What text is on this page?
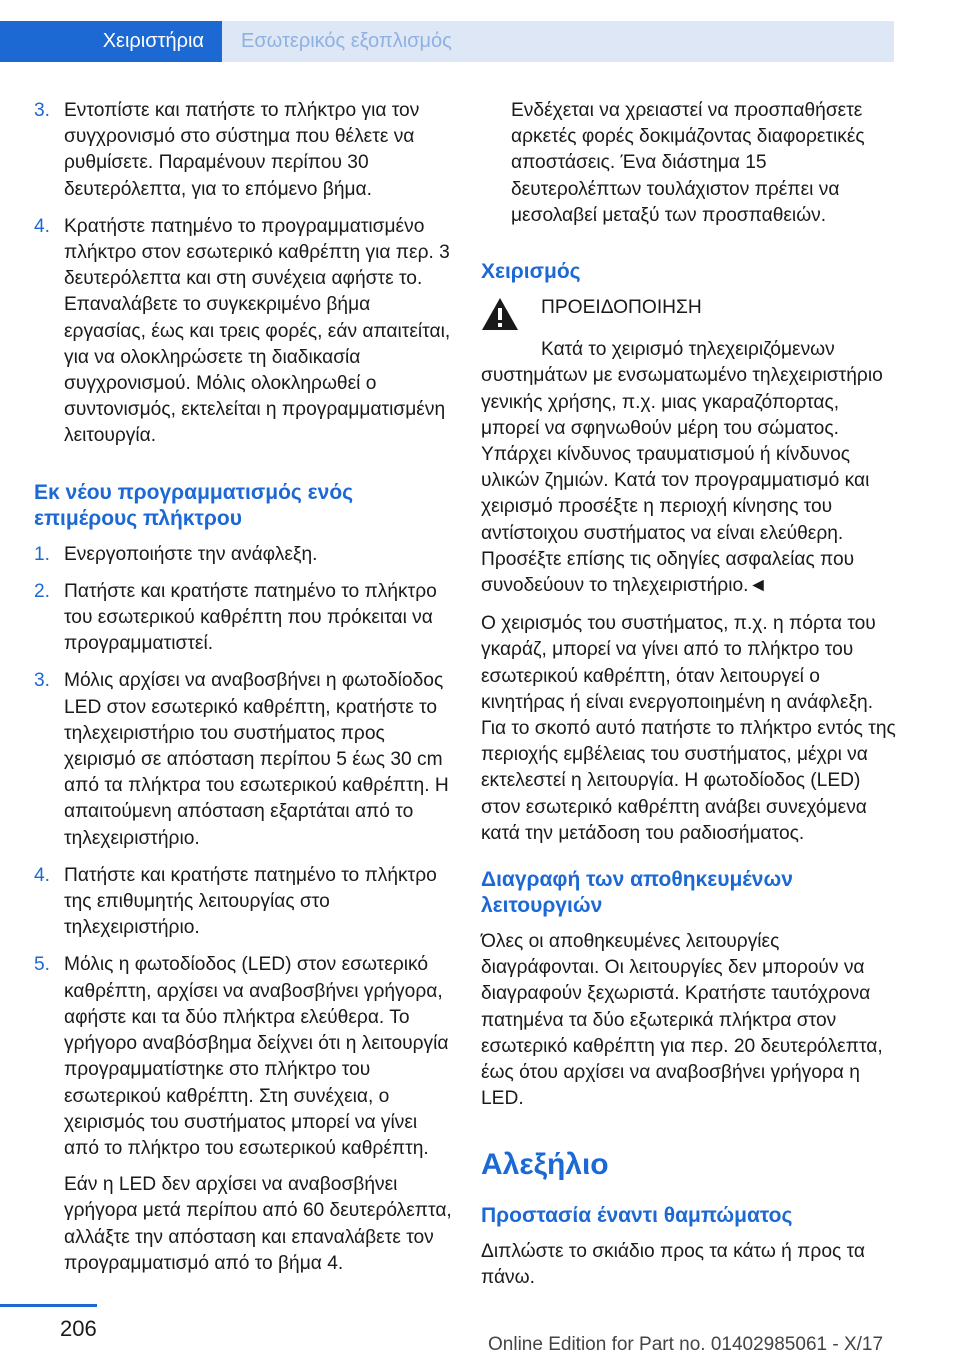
Χειριστήρια Εσωτερικός εξοπλισμός
3. Εντοπίστε και πατήστε το πλήκτρο για τον συγχρονισμό στο σύστημα που θέλετε να ρυθμίσετε. Παραμένουν περίπου 30 δευτερόλεπτα, για το επόμενο βήμα.

4. Κρατήστε πατημένο το προγραμματισμένο πλήκτρο στον εσωτερικό καθρέπτη για περ. 3 δευτερόλεπτα και στη συνέχεια αφήστε το. Επαναλάβετε το συγκεκριμένο βήμα εργασίας, έως και τρεις φορές, εάν απαιτείται, για να ολοκληρώσετε τη διαδικασία συγχρονισμού. Μόλις ολοκληρωθεί ο συντονισμός, εκτελείται η προγραμματισμένη λειτουργία.

Εκ νέου προγραμματισμός ενός επιμέρους πλήκτρου
1. Ενεργοποιήστε την ανάφλεξη.

2. Πατήστε και κρατήστε πατημένο το πλήκτρο του εσωτερικού καθρέπτη που πρόκειται να προγραμματιστεί.

3. Μόλις αρχίσει να αναβοσβήνει η φωτοδίοδος LED στον εσωτερικό καθρέπτη, κρατήστε το τηλεχειριστήριο του συστήματος προς χειρισμό σε απόσταση περίπου 5 έως 30 cm από τα πλήκτρα του εσωτερικού καθρέπτη. Η απαιτούμενη απόσταση εξαρτάται από το τηλεχειριστήριο.

4. Πατήστε και κρατήστε πατημένο το πλήκτρο της επιθυμητής λειτουργίας στο τηλεχειριστήριο.

5. Μόλις η φωτοδίοδος (LED) στον εσωτερικό καθρέπτη, αρχίσει να αναβοσβήνει γρήγορα, αφήστε και τα δύο πλήκτρα ελεύθερα. Το γρήγορο αναβόσβημα δείχνει ότι η λειτουργία προγραμματίστηκε στο πλήκτρο του εσωτερικού καθρέπτη. Στη συνέχεια, ο χειρισμός του συστήματος μπορεί να γίνει από το πλήκτρο του εσωτερικού καθρέπτη.

Εάν η LED δεν αρχίσει να αναβοσβήνει γρήγορα μετά περίπου από 60 δευτερόλεπτα, αλλάξτε την απόσταση και επαναλάβετε τον προγραμματισμό από το βήμα 4.

Ενδέχεται να χρειαστεί να προσπαθήσετε αρκετές φορές δοκιμάζοντας διαφορετικές αποστάσεις. Ένα διάστημα 15 δευτερολέπτων τουλάχιστον πρέπει να μεσολαβεί μεταξύ των προσπαθειών.

Χειρισμός
ΠΡΟΕΙΔΟΠΟΙΗΣΗ

Κατά το χειρισμό τηλεχειριζόμενων συστημάτων με ενσωματωμένο τηλεχειριστήριο γενικής χρήσης, π.χ. μιας γκαραζόπορτας, μπορεί να σφηνωθούν μέρη του σώματος. Υπάρχει κίνδυνος τραυματισμού ή κίνδυνος υλικών ζημιών. Κατά τον προγραμματισμό και χειρισμό προσέξτε η περιοχή κίνησης του αντίστοιχου συστήματος να είναι ελεύθερη. Προσέξτε επίσης τις οδηγίες ασφαλείας που συνοδεύουν το τηλεχειριστήριο.◄

Ο χειρισμός του συστήματος, π.χ. η πόρτα του γκαράζ, μπορεί να γίνει από το πλήκτρο του εσωτερικού καθρέπτη, όταν λειτουργεί ο κινητήρας ή είναι ενεργοποιημένη η ανάφλεξη. Για το σκοπό αυτό πατήστε το πλήκτρο εντός της περιοχής εμβέλειας του συστήματος, μέχρι να εκτελεστεί η λειτουργία. Η φωτοδίοδος (LED) στον εσωτερικό καθρέπτη ανάβει συνεχόμενα κατά την μετάδοση του ραδιοσήματος.

Διαγραφή των αποθηκευμένων λειτουργιών

Όλες οι αποθηκευμένες λειτουργίες διαγράφονται. Οι λειτουργίες δεν μπορούν να διαγραφούν ξεχωριστά. Κρατήστε ταυτόχρονα πατημένα τα δύο εξωτερικά πλήκτρα στον εσωτερικό καθρέπτη για περ. 20 δευτερόλεπτα, έως ότου αρχίσει να αναβοσβήνει γρήγορα η LED.

Αλεξήλιο
Προστασία έναντι θαμπώματος

Διπλώστε το σκιάδιο προς τα κάτω ή προς τα πάνω.

206
Online Edition for Part no. 01402985061 - X/17
